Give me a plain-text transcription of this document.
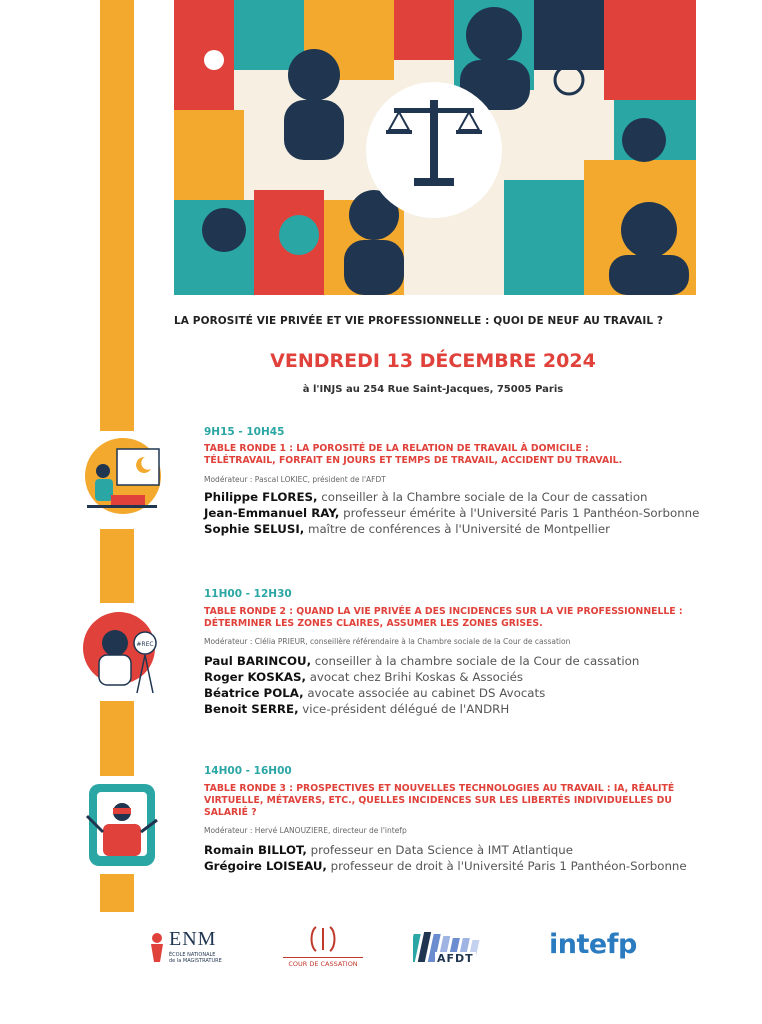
LA POROSITÉ VIE PRIVÉE ET VIE PROFESSIONNELLE : QUOI DE NEUF AU TRAVAIL ?
VENDREDI 13 DÉCEMBRE 2024
à l'INJS au 254 Rue Saint-Jacques, 75005 Paris
9H15 - 10H45
TABLE RONDE 1 : LA POROSITÉ DE LA RELATION DE TRAVAIL À DOMICILE :
TÉLÉTRAVAIL, FORFAIT EN JOURS ET TEMPS DE TRAVAIL, ACCIDENT DU TRAVAIL.
Modérateur : Pascal LOKIEC, président de l'AFDT
Philippe FLORES, conseiller à la Chambre sociale de la Cour de cassation
Jean-Emmanuel RAY, professeur émérite à l'Université Paris 1 Panthéon-Sorbonne
Sophie SELUSI, maître de conférences à l'Université de Montpellier
#REC
11H00 - 12H30
TABLE RONDE 2 : QUAND LA VIE PRIVÉE A DES INCIDENCES SUR LA VIE PROFESSIONNELLE :
DÉTERMINER LES ZONES CLAIRES, ASSUMER LES ZONES GRISES.
Modérateur : Clélia PRIEUR, conseillère référendaire à la Chambre sociale de la Cour de cassation
Paul BARINCOU, conseiller à la chambre sociale de la Cour de cassation
Roger KOSKAS, avocat chez Brihi Koskas & Associés
Béatrice POLA, avocate associée au cabinet DS Avocats
Benoit SERRE, vice-président délégué de l'ANDRH
14H00 - 16H00
TABLE RONDE 3 : PROSPECTIVES ET NOUVELLES TECHNOLOGIES AU TRAVAIL : IA, RÉALITÉ
VIRTUELLE, MÉTAVERS, ETC., QUELLES INCIDENCES SUR LES LIBERTÉS INDIVIDUELLES DU
SALARIÉ ?
Modérateur : Hervé LANOUZIERE, directeur de l'intefp
Romain BILLOT, professeur en Data Science à IMT Atlantique
Grégoire LOISEAU, professeur de droit à l'Université Paris 1 Panthéon-Sorbonne
ENM
ÉCOLE NATIONALE
de la MAGISTRATURE	COUR DE CASSATION	AFDT	intefp
